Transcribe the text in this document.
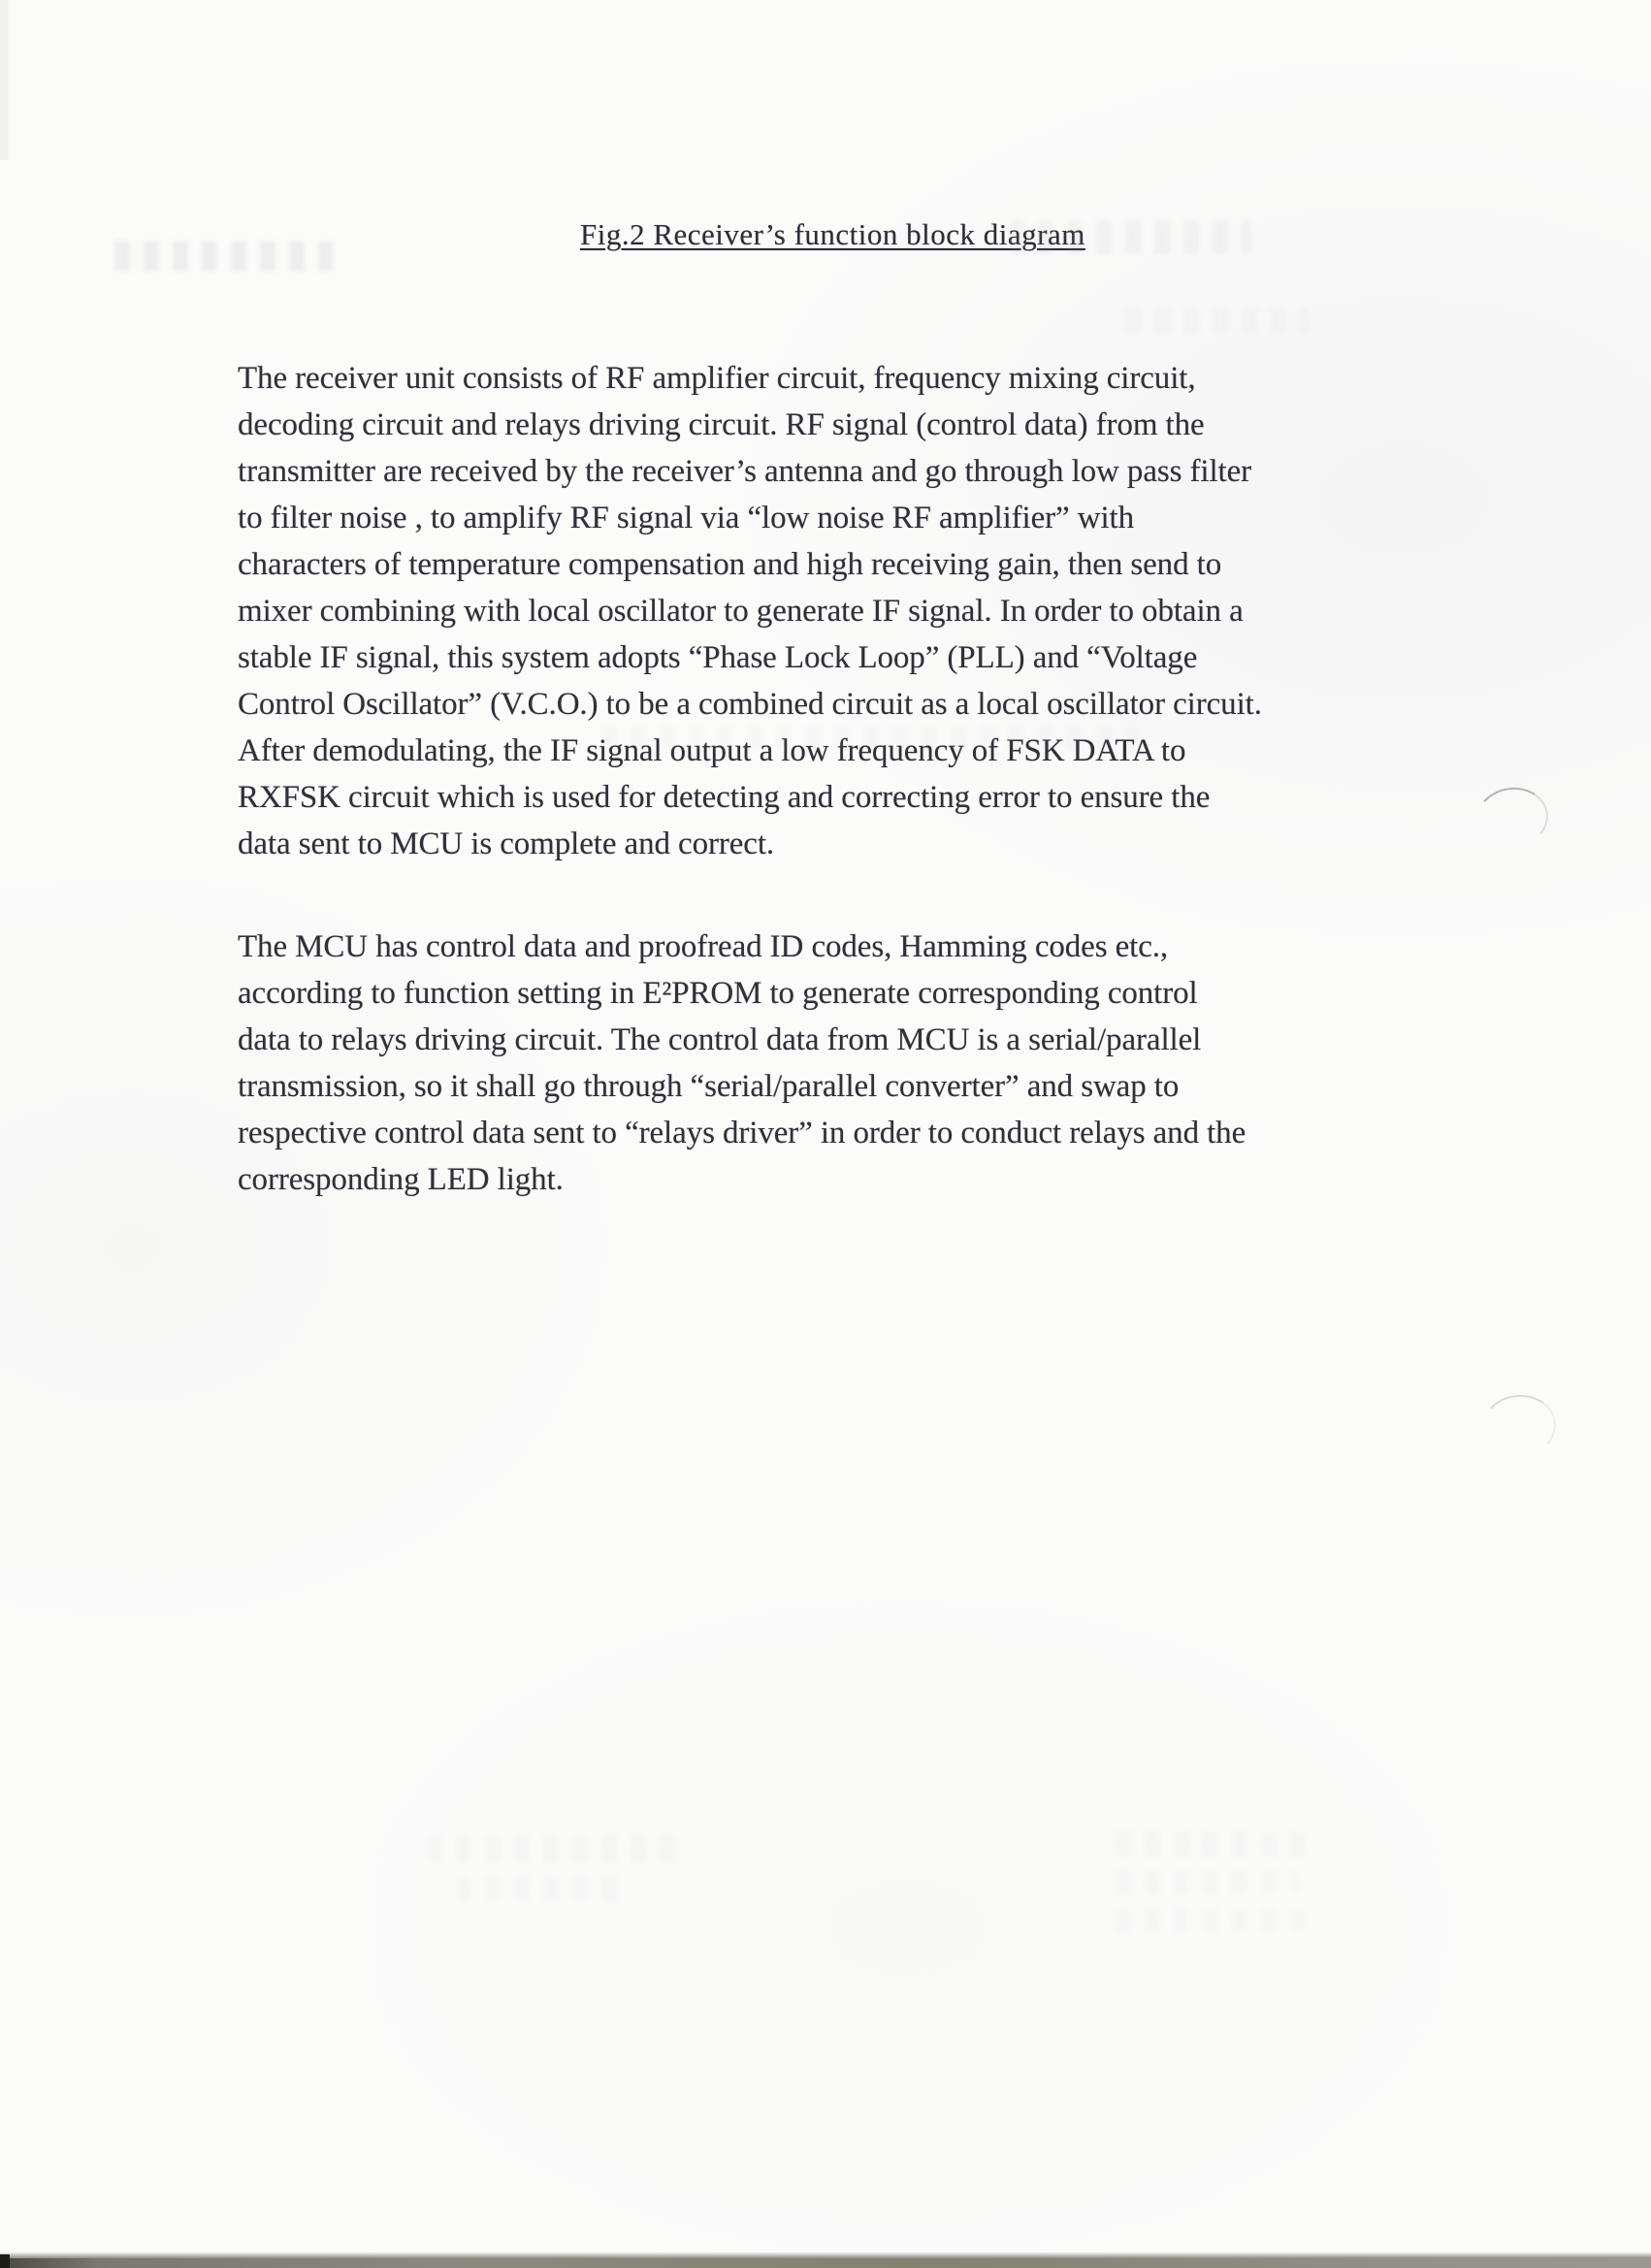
Fig.2 Receiver’s function block diagram
The receiver unit consists of RF amplifier circuit, frequency mixing circuit,
decoding circuit and relays driving circuit. RF signal (control data) from the
transmitter are received by the receiver’s antenna and go through low pass filter
to filter noise , to amplify RF signal via “low noise RF amplifier” with
characters of temperature compensation and high receiving gain, then send to
mixer combining with local oscillator to generate IF signal. In order to obtain a
stable IF signal, this system adopts “Phase Lock Loop” (PLL) and “Voltage
Control Oscillator” (V.C.O.) to be a combined circuit as a local oscillator circuit.
After demodulating, the IF signal output a low frequency of FSK DATA to
RXFSK circuit which is used for detecting and correcting error to ensure the
data sent to MCU is complete and correct.
The MCU has control data and proofread ID codes, Hamming codes etc.,
according to function setting in E²PROM to generate corresponding control
data to relays driving circuit. The control data from MCU is a serial/parallel
transmission, so it shall go through “serial/parallel converter” and swap to
respective control data sent to “relays driver” in order to conduct relays and the
corresponding LED light.
